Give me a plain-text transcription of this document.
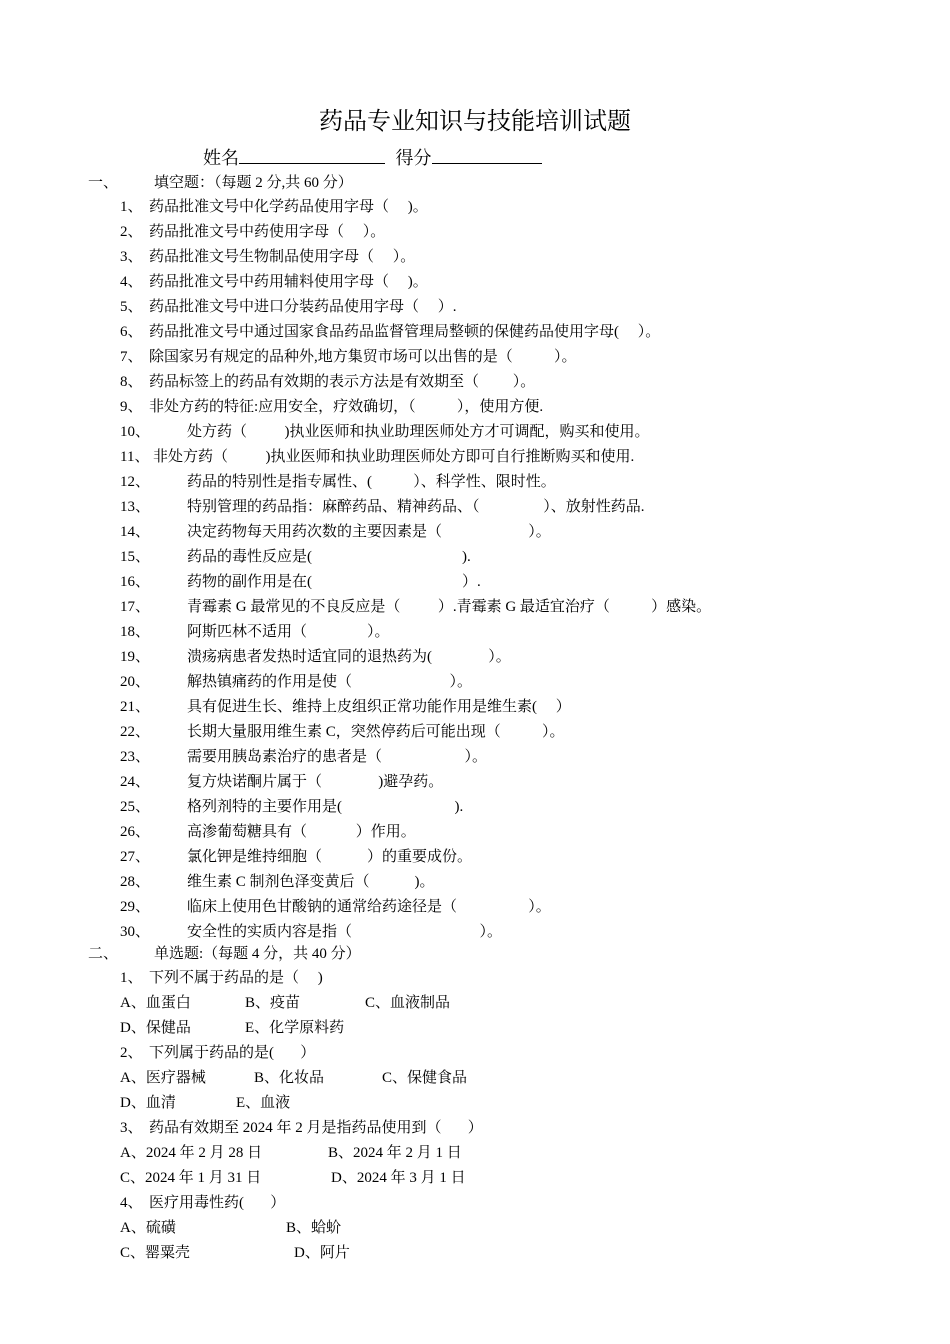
药品专业知识与技能培训试题
姓名	得分
一、 填空题：（每题 2 分,共 60 分）
1、 药品批准文号中化学药品使用字母（     )。
2、 药品批准文号中药使用字母（     ）。
3、 药品批准文号生物制品使用字母（     ）。
4、 药品批准文号中药用辅料使用字母（     )。
5、 药品批准文号中进口分装药品使用字母（     ）.
6、 药品批准文号中通过国家食品药品监督管理局整顿的保健药品使用字母(     ）。
7、 除国家另有规定的品种外,地方集贸市场可以出售的是（           ）。
8、 药品标签上的药品有效期的表示方法是有效期至（         ）。
9、 非处方药的特征:应用安全，疗效确切，（           ），使用方便.
10、 处方药（          )执业医师和执业助理医师处方才可调配，购买和使用。
11、 非处方药（          )执业医师和执业助理医师处方即可自行推断购买和使用.
12、 药品的特别性是指专属性、(           ）、科学性、限时性。
13、 特别管理的药品指：麻醉药品、精神药品、（                 ）、放射性药品.
14、 决定药物每天用药次数的主要因素是（                       ）。
15、 药品的毒性反应是(                                        ).
16、 药物的副作用是在(                                        ）.
17、 青霉素 G 最常见的不良反应是（          ）.青霉素 G 最适宜治疗（           ）感染。
18、 阿斯匹林不适用（                ）。
19、 溃疡病患者发热时适宜同的退热药为(               ）。
20、 解热镇痛药的作用是使（                          ）。
21、 具有促进生长、维持上皮组织正常功能作用是维生素(     ）
22、 长期大量服用维生素 C，突然停药后可能出现（           ）。
23、 需要用胰岛素治疗的患者是（                      ）。
24、 复方炔诺酮片属于（               )避孕药。
25、 格列剂特的主要作用是(                              ).
26、 高渗葡萄糖具有（             ）作用。
27、 氯化钾是维持细胞（            ）的重要成份。
28、 维生素 C 制剂色泽变黄后（            )。
29、 临床上使用色甘酸钠的通常给药途径是（                   ）。
30、 安全性的实质内容是指（                                  ）。
二、 单选题:（每题 4 分，共 40 分）
1、 下列不属于药品的是（     )
A、血蛋白	B、疫苗	C、血液制品
D、保健品	E、化学原料药
2、 下列属于药品的是(       ）
A、医疗器械	B、化妆品	C、保健食品
D、血清	E、血液
3、 药品有效期至 2024 年 2 月是指药品使用到（       ）
A、2024 年 2 月 28 日	B、2024 年 2 月 1 日
C、2024 年 1 月 31 日	D、2024 年 3 月 1 日
4、 医疗用毒性药(       ）
A、硫磺	B、蛤蚧
C、罂粟壳	D、阿片
